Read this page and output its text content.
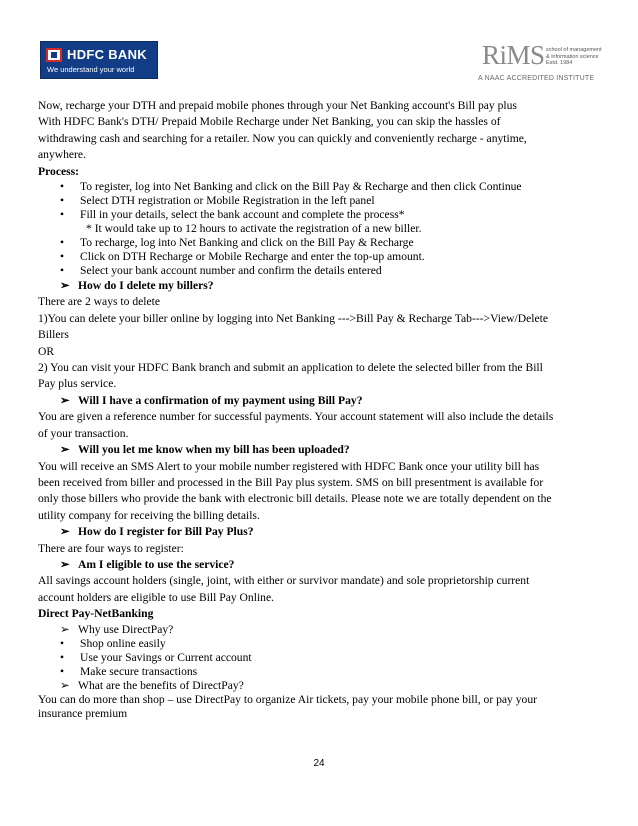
HDFC BANK
We understand your world	RiMS school of management & information science Estd. 1984
A NAAC ACCREDITED INSTITUTE

Now, recharge your DTH and prepaid mobile phones through your Net Banking account's Bill pay plus

With HDFC Bank's DTH/ Prepaid Mobile Recharge under Net Banking, you can skip the hassles of

withdrawing cash and searching for a retailer. Now you can quickly and conveniently recharge - anytime,

anywhere.

Process:

• To register, log into Net Banking and click on the Bill Pay & Recharge and then click Continue

• Select DTH registration or Mobile Registration in the left panel

• Fill in your details, select the bank account and complete the process*

* It would take up to 12 hours to activate the registration of a new biller.

• To recharge, log into Net Banking and click on the Bill Pay & Recharge

• Click on DTH Recharge or Mobile Recharge and enter the top-up amount.

• Select your bank account number and confirm the details entered

➢ How do I delete my billers?

There are 2 ways to delete

1)You can delete your biller online by logging into Net Banking --->Bill Pay & Recharge Tab--->View/Delete

Billers

OR

2) You can visit your HDFC Bank branch and submit an application to delete the selected biller from the Bill

Pay plus service.

➢ Will I have a confirmation of my payment using Bill Pay?

You are given a reference number for successful payments. Your account statement will also include the details

of your transaction.

➢ Will you let me know when my bill has been uploaded?

You will receive an SMS Alert to your mobile number registered with HDFC Bank once your utility bill has

been received from biller and processed in the Bill Pay plus system. SMS on bill presentment is available for

only those billers who provide the bank with electronic bill details. Please note we are totally dependent on the

utility company for receiving the billing details.

➢ How do I register for Bill Pay Plus?

There are four ways to register:

➢ Am I eligible to use the service?

All savings account holders (single, joint, with either or survivor mandate) and sole proprietorship current

account holders are eligible to use Bill Pay Online.

Direct Pay-NetBanking

➢ Why use DirectPay?

• Shop online easily

• Use your Savings or Current account

• Make secure transactions

➢ What are the benefits of DirectPay?

You can do more than shop – use DirectPay to organize Air tickets, pay your mobile phone bill, or pay your

insurance premium

24
